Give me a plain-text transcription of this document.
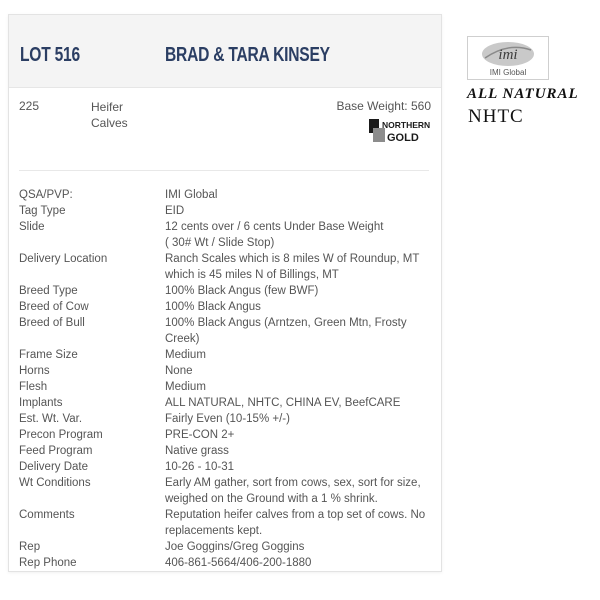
LOT 516	BRAD & TARA KINSEY
225	Heifer
Calves
Base Weight: 560
NORTHERN
GOLD
QSA/PVP:	IMI Global
Tag Type	EID
Slide	12 cents over / 6 cents Under Base Weight
( 30# Wt / Slide Stop)
Delivery Location	Ranch Scales which is 8 miles W of Roundup, MT
which is 45 miles N of Billings, MT
Breed Type	100% Black Angus (few BWF)
Breed of Cow	100% Black Angus
Breed of Bull	100% Black Angus (Arntzen, Green Mtn, Frosty
Creek)
Frame Size	Medium
Horns	None
Flesh	Medium
Implants	ALL NATURAL, NHTC, CHINA EV, BeefCARE
Est. Wt. Var.	Fairly Even (10-15% +/-)
Precon Program	PRE-CON 2+
Feed Program	Native grass
Delivery Date	10-26 - 10-31
Wt Conditions	Early AM gather, sort from cows, sex, sort for size,
weighed on the Ground with a 1 % shrink.
Comments	Reputation heifer calves from a top set of cows. No
replacements kept.
Rep	Joe Goggins/Greg Goggins
Rep Phone	406-861-5664/406-200-1880
imi
IMI Global
ALL NATURAL
NHTC
